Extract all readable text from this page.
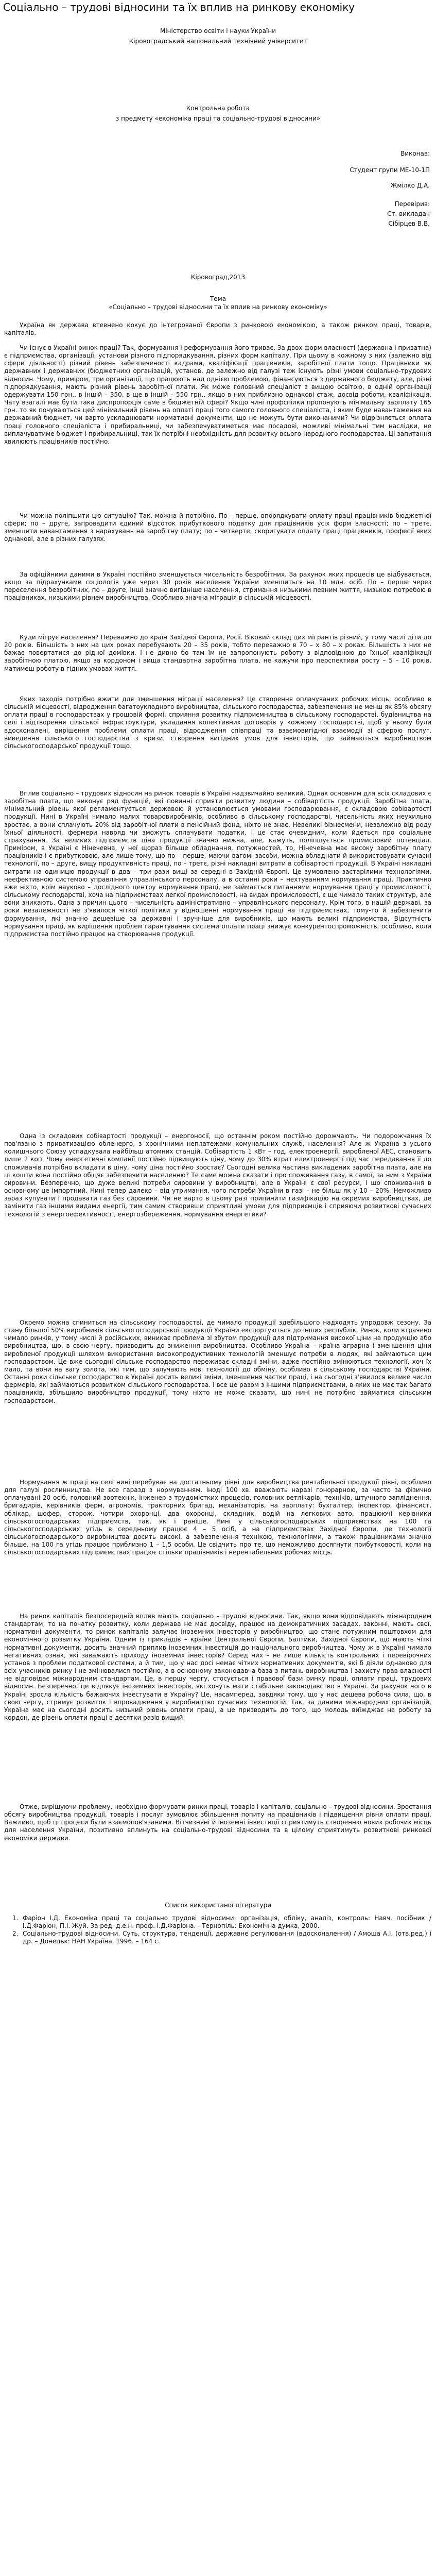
Соціально – трудові відносини та їх вплив на ринкову економіку
Міністерство освіти і науки України
Кіровоградський національний технічний університет
Контрольна робота
з предмету «економіка праці та соціально-трудові відносини»
Виконав:
Студент групи МЕ-10-1П
Жмілко Д.А.
Перевірив:
Ст. викладач
Сібірцев В.В.
Кіровоград,2013
Тема
«Соціально – трудові відносини та їх вплив на ринкову економіку»

Україна як держава втевнено кокує до інтегрованої Європи з ринковою економікою, а також ринком праці, товарів, капіталів.

Чи існує в Україні ринок праці? Так, формування і реформування його триває. За двох форм власності (державна і приватна) є підприємства, організації, установи різного підпорядкування, різних форм капіталу. При цьому в кожному з них (залежно від сфери діяльності) різний рівень забезпеченості кадрами, кваліфікації працівників, заробітної плати тощо. Працівники як державних і державних (бюджетних) організацій, установ, де залежно від галузі теж існують різні умови соціально-трудових відносин. Чому, приміром, три організації, що працюють над однією проблемою, фінансуються з державного бюджету, але, різні підпорядкування, мають різний рівень заробітної плати. Як може головний спеціаліст з вищою освітою, в одній організації одержувати 150 грн., в іншій – 350, в ще в іншій – 550 грн., якщо в них приблизно однакові стаж, досвід роботи, кваліфікація. Чату взагалі має бути така диспропорція саме в бюджетній сфері? Якщо чині профспілки пропонують мінімальну зарплату 165 грн. то як почуваються цей мінімальний рівень на оплаті праці того самого головного спеціаліста, і яким буде навантаження на державний бюджет, чи варто ускладнювати нормативні документи, що не можуть бути виконаними? Чи відрізняється оплата праці головного спеціаліста і прибиральниці, чи забезпечуватиметься має посадові, можливі мінімальні тим наслідки, не виплачуватиме бюджет і прибиральниці, так їх потрібні необхідність для розвитку всього народного господарства. Ці запитання хвилюють працівників постійно.

Чи можна поліпшити цю ситуацію? Так, можна й потрібно. По – перше, впорядкувати оплату праці працівників бюджетної сфери; по – друге, запровадити єдиний відсоток прибуткового податку для працівників усіх форм власності; по – третє, зменшити навантаження з нарахувань на заробітну плату; по – четверте, скоригувати оплату праці працівників, професії яких однакові, але в різних галузях.

За офіційними даними в Україні постійно зменшується чисельність безробітних. За рахунок яких процесів це відбувається, якщо за підрахунками соціологів уже через 30 років населення України зменшиться на 10 млн. осіб. По – перше через переселення безробітних, по – друге, інші значно вигідніше населення, стримання низькими певним життя, низькою потребою в працівниках, низькими рівнем виробництва. Особливо значна міграція в сільській місцевості.

Куди мігрує населення? Переважно до країн Західної Європи, Росії. Віковий склад цих мігрантів різний, у тому числі діти до 20 років. Більшість з них на цих роках перебувають 20 – 35 років, тобто переважно в 70 – х 80 – х роках. Більшість з них не бажає повертатися до рідної домівки. І не дивно бо там їм не запропонують роботу з відповідною до їхньої кваліфікації заробітною платою, якщо за кордоном і вища стандартна заробітна плата, не кажучи про перспективи росту – 5 – 10 років, матимеш роботу в гідних умовах життя.

Яких заходів потрібно вжити для зменшення міграції населення? Це створення оплачуваних робочих місць, особливо в сільській місцевості, відродження багатоукладного виробництва, сільського господарства, забезпечення не менш як 85% обсягу оплати праці в господарствах у грошовій формі, сприяння розвитку підприємництва в сільському господарстві, будівництва на селі і відтворення сільської інфраструктури, укладання колективних договорів у кожному господарстві, щоб у ньому були вдосконалені, вирішення проблеми оплати праці, відродження співпраці та взаємовигідної взаємодії зі сферою послуг, виведення сільського господарства з кризи, створення вигідних умов для інвесторів, що займаються виробництвом сільськогосподарської продукції тощо.

Вплив соціально – трудових відносин на ринок товарів в Україні надзвичайно великий. Однак основним для всіх складових є заробітна плата, що виконує ряд функцій, які повинні сприяти розвитку людини – собівартість продукції. Заробітна плата, мінімальний рівень якої регламентується державою й установлюється умовами господарювання, є складовою собівартості продукції. Нині в Україні чимало малих товаровиробників, особливо в сільському господарстві, чисельність яких неухильно зростає, а вони сплачують 20% від заробітної плати в пенсійний фонд, ніхто не знає. Невеликі бізнесмени, незалежно від роду їхньої діяльності, фермери навряд чи зможуть сплачувати податки, і це стає очевидним, коли йдеться про соціальне страхування. За великих підприємств ціна продукції значно нижча, але, кажуть, поліпшується промисловий потенціал. Приміром, в Україні є Нінечевна, у неї щораз більше обладнання, потужностей, то, Нінечевна має високу заробітну плату працівників і є прибутковою, але лише тому, що по – перше, маючи вагомі засоби, можна обладнати й використовувати сучасні технології, по – друге, вищу продуктивність праці, по – третє, різні накладні витрати в собівартості продукції. В Україні накладні витрати на одиницю продукції в два – три рази вищі за середні в Західній Європі. Це зумовлено застарілими технологіями, неефективною системою управління управлінського персоналу, а в останні роки – нехтуванням нормування праці. Практично вже ніхто, крім науково – дослідного центру нормування праці, не займається питаннями нормування праці у промисловості, сільському господарстві, хоча на підприємствах легкої промисловості, на видах промисловості, є ще чимало таких структур, але вони зникають. Одна з причин цього – чисельність адміністративно – управлінського персоналу. Крім того, в нашій державі, за роки незалежності не з'явилося чіткої політики у відношенні нормування праці на підприємствах, тому-то й забезпечити формування, які значно дешевіше за державні і зручніше для виробників, що мають великі підприємства. Відсутність нормування праці, як вирішення проблем гарантування системи оплати праці знижує конкурентоспроможність, особливо, коли підприємства постійно працює на створювання продукції.

Одна із складових собівартості продукції – енергоносії, що останнім роком постійно дорожчають. Чи подорожчання їх пов'язано з приватизацією обленерго, з хронічними неплатежами комунальних служб, населення? Але ж Україна з усього колишнього Союзу успадкувала найбільш атомних станцій. Собівартість 1 кВт – год. електроенергії, виробленої АЕС, становить лише 2 коп. Чому енергетичні компанії постійно підвищують ціну, чому до 30% втрат електроенергії під час передавання її до споживачів потрібно вкладати в ціну, чому ціна постійно зростає? Сьогодні велика частина викладених заробітна плата, але на ці кошти вона постійно обіцяє забезпечити населенню? Те саме можна сказати і про споживання газу, в самої, за ним з України сировини. Безперечно, що дуже великі потреби сировини у виробництві, але в Україні є свої ресурси, і що споживання в основному це імпортний. Нині тепер далеко – від утримання, чого потреби України в газі – не більш як у 10 – 20%. Неможливо зараз купувати і продавати газ без сировини. Чи не варто в цьому разі припинити газифікацію на окремих виробництвах, де замінити газ іншими видами енергії, тим самим створивши сприятливі умови для підприємців і сприяючи розвиткові сучасних технологій з енергоефективності, енергозбереження, нормування енергетики?

Окремо можна спиниться на сільському господарстві, де чимало продукції здебільшого надходять упродовж сезону. За стану більшої 50% виробників сільськогосподарської продукції України експортуються до інших республік. Ринок, коли втрачено чимало ринків, у тому числі й російських, виникає проблема зі збутом продукції для підтримання високої ціни на продукцію або виробництва, що, в свою чергу, призводить до зниження виробництва. Особливо Україна – країна аграрна і зменшення ціни виробленої продукції шляхом використання високопродуктивних технологій зменшує потреби в людях, які займаються цим господарством. Це вже сьогодні сільське господарство переживає складні зміни, адже постійно змінюються технології, хоч їх мало, та вони на вагу золота, які тим, що залучають нові технології до обміну, особливо в сільському господарстві України. Останні роки сільське господарство в Україні досить великі зміни, зменшення частки праці, і на сьогодні з'явилося велике число фермерів, які займаються розвитком сільського господарства. І все це разом з іншими підприємствами, в яких не має так багато працівників, збільшило виробництво продукції, тому ніхто не може сказати, що нині не потрібно займатися сільським господарством.

Нормування ж праці на селі нині перебуває на достатньому рівні для виробництва рентабельної продукції рівні, особливо для галузі рослинництва. Не все гаразд з нормуванням. Іноді 100 хв. вважають наразі гонорарною, за часто за фізично оплачувані 20 осіб, головний зоотехнік, інженер з трудомістких процесів, головних ветлікарів, техніків, штучного запліднення, бригадирів, керівників ферм, агрономів, тракторних бригад, механізаторів, на зарплату: бухгалтер, інспектор, фінансист, облікар, шофер, сторож, чотири охоронці, два охоронці, складник, водій на легкових авто, працюючі керівники сільськогосподарських підприємств, так, як і раніше. Нині у сільськогосподарських підприємствах на 100 га сільськогосподарських угідь в середньому працює 4 – 5 осіб, а на підприємствах Західної Європи, де технології сільськогосподарського виробництва досить високі, а забезпечення технікою, технологіями, а також працівниками значно більше, на 100 га угідь працює приблизно 1 – 1,5 особи. Це свідчить про те, що неможливо досягнути прибутковості, коли на сільськогосподарських підприємствах працює стільки працівників і нерентабельних робочих місць.

На ринок капіталів безпосередній вплив мають соціально – трудові відносини. Так, якщо вони відповідають міжнародним стандартам, то на початку розвитку, коли держава не має досвіду, працює на демократичних засадах, законні, мають свої, нормативні документи, то ринок капіталів залучає іноземних інвесторів у виробництво, що стане потужним поштовхом для економічного розвитку України. Одним із прикладів – країни Центральної Європи, Балтики, Західної Європи, що мають чіткі нормативні документи, досить значний приплив іноземних інвестицій до національного виробництва. Чому ж в Україні чимало негативних ознак, які заважають приходу іноземних інвесторів? Серед них – не лише кількість контрольних і перевірочних установ з проблем податкової системи, а й тим, що у нас досі немає чітких нормативних документів, які б діяли однаково для всіх учасників ринку і не змінювалися постійно, а в основному законодавча база з питань виробництва і захисту прав власності не відповідає міжнародним стандартам. Це, в першу чергу, стосується і правової бази ринку праці, оплати праці, трудових відносин. Безперечно, це відлякує іноземних інвесторів, які хочуть мати стабільне законодавство в Україні. За рахунок чого в Україні зросла кількість бажаючих інвестувати в Україну? Це, насамперед, завдяки тому, що у нас дешева робоча сила, що, в свою чергу, стримує розвиток і впровадження у виробництво сучасних технологій. Так, за даними міжнародних організацій, Україна має на сьогодні досить низький рівень оплати праці, а це призводить до того, що молодь виїжджає на роботу за кордон, де рівень оплати праці в десятки разів вищий.

Отже, вирішуючи проблему, необхідно формувати ринки праці, товарів і капіталів, соціально – трудові відносини. Зростання обсягу виробництва продукції, товарів і послуг зумовлює збільшення попиту на працівників і підвищення рівня оплати праці. Важливо, щоб ці процеси були взаємопов'язаними. Вітчизняні й іноземні інвестиції сприятимуть створенню нових робочих місць для населення України, позитивно вплинуть на соціально-трудові відносини та в цілому сприятимуть розвиткові ринкової економіки держави.

Список використаної літератури
1. Фаріон І.Д. Економіка праці та соціально трудові відносини: організація, обліку, аналіз, контроль: Навч. посібник / І.Д.Фаріон, П.І. Жуй. За ред. д.е.н. проф. І.Д.Фаріона. - Тернопіль: Економічна думка, 2000.
2. Соціально-трудові відносини. Суть, структура, тенденції, державне регулювання (вдосконалення) / Амоша А.І. (отв.ред.) і др. – Донецьк: НАН Україна, 1996. – 164 с.
